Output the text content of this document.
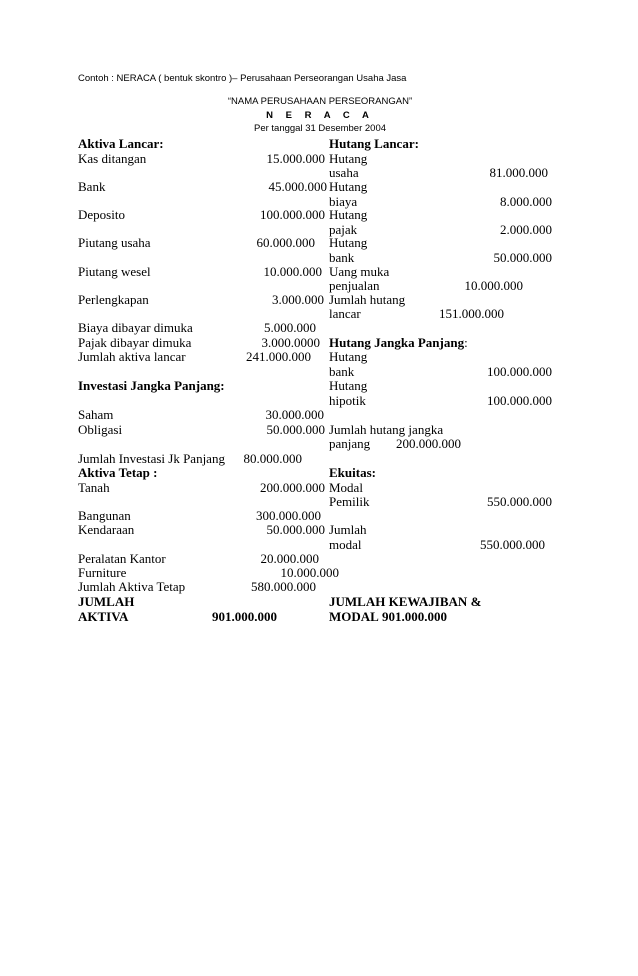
Contoh : NERACA ( bentuk skontro )– Perusahaan Perseorangan Usaha Jasa
“NAMA PERUSAHAAN PERSEORANGAN”
N E R A C A
Per tanggal 31 Desember 2004
Aktiva Lancar:
Kas ditangan	15.000.000
Bank	45.000.000
Deposito	100.000.000
Piutang usaha	60.000.000
Piutang wesel	10.000.000
Perlengkapan	3.000.000
Biaya dibayar dimuka	5.000.000
Pajak dibayar dimuka	3.000.0000
Jumlah aktiva lancar	241.000.000
Investasi Jangka Panjang:
Saham	30.000.000
Obligasi	50.000.000
Jumlah Investasi Jk Panjang 80.000.000
Aktiva Tetap :
Tanah	200.000.000
Bangunan	300.000.000
Kendaraan	50.000.000
Peralatan Kantor	20.000.000
Furniture	10.000.000
Jumlah Aktiva Tetap	580.000.000
JUMLAH
AKTIVA	901.000.000
Hutang Lancar:
Hutang
usaha	81.000.000
Hutang
biaya	8.000.000
Hutang
pajak	2.000.000
Hutang
bank	50.000.000
Uang muka
penjualan	10.000.000
Jumlah hutang
lancar	151.000.000
Hutang Jangka Panjang:
Hutang
bank	100.000.000
Hutang
hipotik	100.000.000
Jumlah hutang jangka
panjang 200.000.000
Ekuitas:
Modal
Pemilik	550.000.000
Jumlah
modal	550.000.000
JUMLAH KEWAJIBAN &
MODAL 901.000.000
